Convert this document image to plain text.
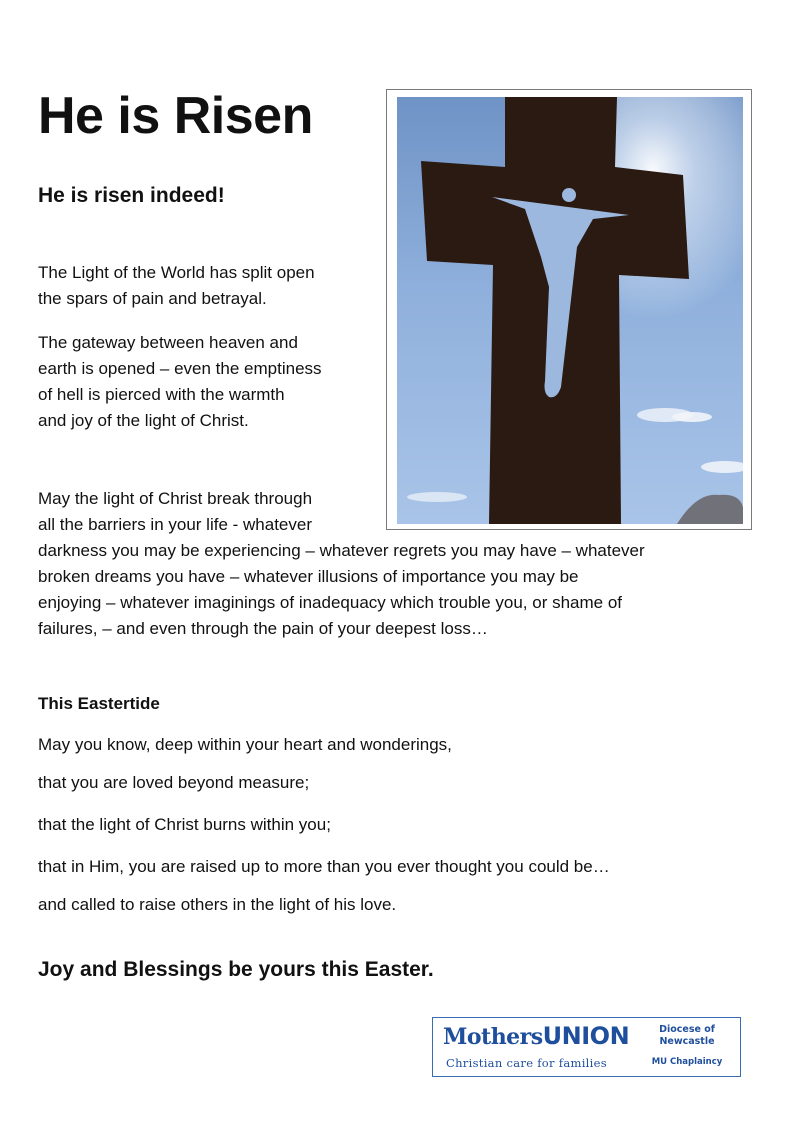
He is Risen
He is risen indeed!

The Light of the World has split open
the spars of pain and betrayal.

The gateway between heaven and
earth is opened – even the emptiness
of hell is pierced with the warmth
and joy of the light of Christ.

May the light of Christ break through
all the barriers in your life - whatever
darkness you may be experiencing – whatever regrets you may have – whatever
broken dreams you have – whatever illusions of importance you may be
enjoying – whatever imaginings of inadequacy which trouble you, or shame of
failures, – and even through the pain of your deepest loss…

This Eastertide

May you know, deep within your heart and wonderings,

that you are loved beyond measure;

that the light of Christ burns within you;

that in Him, you are raised up to more than you ever thought you could be…

and called to raise others in the light of his love.

Joy and Blessings be yours this Easter.

MothersUNION
Christian care for families
Diocese of
Newcastle
MU Chaplaincy
